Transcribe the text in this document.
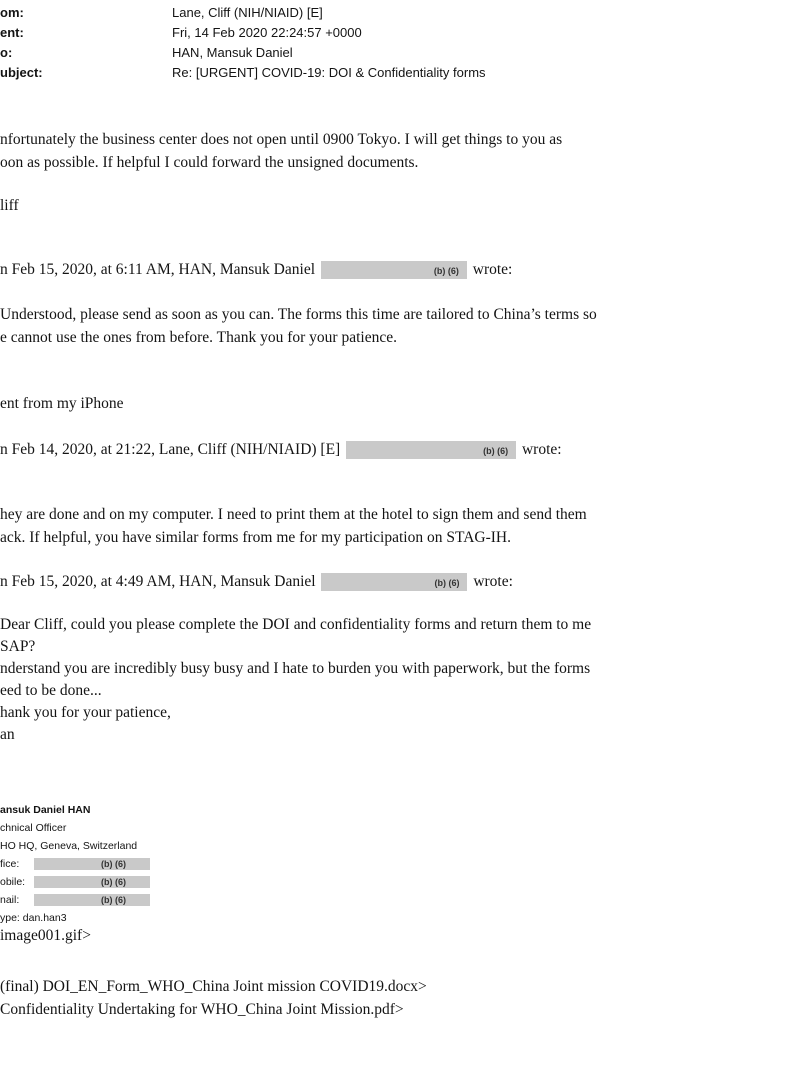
om:	Lane, Cliff (NIH/NIAID) [E]
ent:	Fri, 14 Feb 2020 22:24:57 +0000
o:	HAN, Mansuk Daniel
ubject:	Re: [URGENT] COVID-19: DOI & Confidentiality forms
nfortunately the business center does not open until 0900 Tokyo. I will get things to you as
oon as possible. If helpful I could forward the unsigned documents.
liff
n Feb 15, 2020, at 6:11 AM, HAN, Mansuk Daniel	(b) (6) wrote:
Understood, please send as soon as you can. The forms this time are tailored to China’s terms so
e cannot use the ones from before. Thank you for your patience.
ent from my iPhone
n Feb 14, 2020, at 21:22, Lane, Cliff (NIH/NIAID) [E]	(b) (6) wrote:
hey are done and on my computer. I need to print them at the hotel to sign them and send them
ack. If helpful, you have similar forms from me for my participation on STAG-IH.
n Feb 15, 2020, at 4:49 AM, HAN, Mansuk Daniel	(b) (6) wrote:
Dear Cliff, could you please complete the DOI and confidentiality forms and return them to me
SAP?
nderstand you are incredibly busy busy and I hate to burden you with paperwork, but the forms
eed to be done...
hank you for your patience,
an
ansuk Daniel HAN
chnical Officer
HO HQ, Geneva, Switzerland
fice:	(b) (6)
obile:	(b) (6)
nail:	(b) (6)
ype: dan.han3
image001.gif>
(final) DOI_EN_Form_WHO_China Joint mission COVID19.docx>
Confidentiality Undertaking for WHO_China Joint Mission.pdf>
